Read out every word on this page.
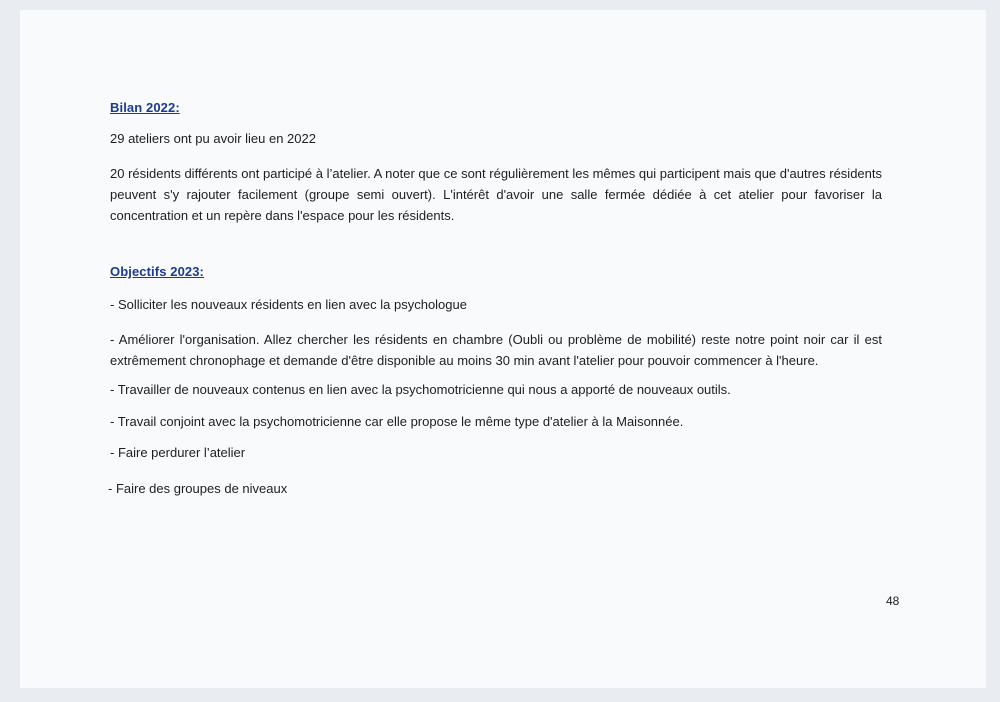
Bilan 2022:
29 ateliers ont pu avoir lieu en 2022
20 résidents différents ont participé à l’atelier. A noter que ce sont régulièrement les mêmes qui participent mais que d'autres résidents peuvent s'y rajouter facilement (groupe semi ouvert). L'intérêt d'avoir une salle fermée dédiée à cet atelier pour favoriser la concentration et un repère dans l'espace pour les résidents.
Objectifs 2023:
- Solliciter les nouveaux résidents en lien avec la psychologue
- Améliorer l'organisation. Allez chercher les résidents en chambre (Oubli ou problème de mobilité) reste notre point noir car il est extrêmement chronophage et demande d'être disponible au moins 30 min avant l'atelier pour pouvoir commencer à l'heure.
- Travailler de nouveaux contenus en lien avec la psychomotricienne qui nous a apporté de nouveaux outils.
- Travail conjoint avec la psychomotricienne car elle propose le même type d'atelier à la Maisonnée.
- Faire perdurer l’atelier
- Faire des groupes de niveaux
48
